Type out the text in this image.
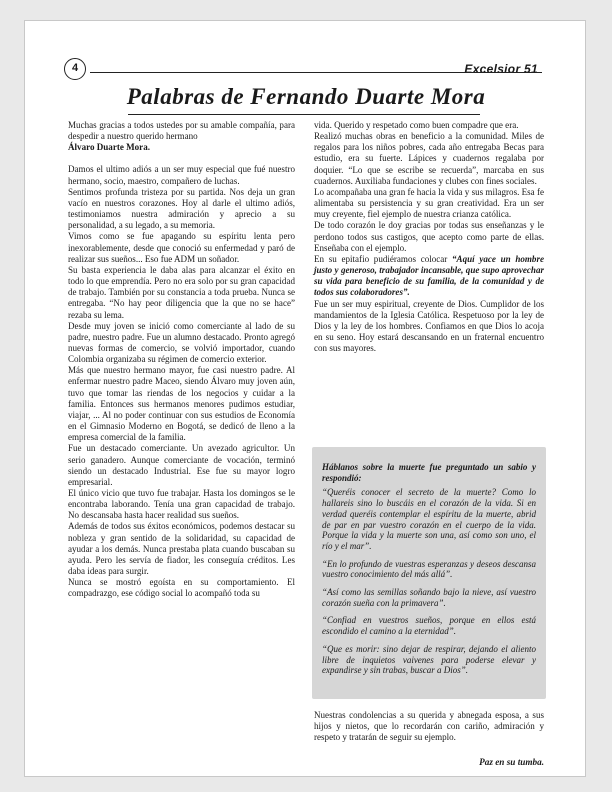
4	Excelsior 51
Palabras de Fernando Duarte Mora

Muchas gracias a todos ustedes por su amable compañía, para despedir a nuestro querido hermano

Álvaro Duarte Mora.

Damos el ultimo adiós a un ser muy especial que fué nuestro hermano, socio, maestro, compañero de luchas.

Sentimos profunda tristeza por su partida. Nos deja un gran vacío en nuestros corazones. Hoy al darle el ultimo adiós, testimoniamos nuestra admiración y aprecio a su personalidad, a su legado, a su memoria.

Vimos como se fue apagando su espíritu lenta pero inexorablemente, desde que conoció su enfermedad y paró de realizar sus sueños... Eso fue ADM un soñador.

Su basta experiencia le daba alas para alcanzar el éxito en todo lo que emprendía. Pero no era solo por su gran capacidad de trabajo. También por su constancia a toda prueba. Nunca se entregaba. “No hay peor diligencia que la que no se hace” rezaba su lema.

Desde muy joven se inició como comerciante al lado de su padre, nuestro padre. Fue un alumno destacado. Pronto agregó nuevas formas de comercio, se volvió importador, cuando Colombia organizaba su régimen de comercio exterior.

Más que nuestro hermano mayor, fue casi nuestro padre. Al enfermar nuestro padre Maceo, siendo Álvaro muy joven aún, tuvo que tomar las riendas de los negocios y cuidar a la familia. Entonces sus hermanos menores pudimos estudiar, viajar, ... Al no poder continuar con sus estudios de Economía en el Gimnasio Moderno en Bogotá, se dedicó de lleno a la empresa comercial de la familia.

Fue un destacado comerciante. Un avezado agricultor. Un serio ganadero. Aunque comerciante de vocación, terminó siendo un destacado Industrial. Ese fue su mayor logro empresarial.

El único vicio que tuvo fue trabajar. Hasta los domingos se le encontraba laborando. Tenía una gran capacidad de trabajo. No descansaba hasta hacer realidad sus sueños.

Además de todos sus éxitos económicos, podemos destacar su nobleza y gran sentido de la solidaridad, su capacidad de ayudar a los demás. Nunca prestaba plata cuando buscaban su ayuda. Pero les servía de fiador, les conseguía créditos. Les daba ideas para surgir.

Nunca se mostró egoísta en su comportamiento. El compadrazgo, ese código social lo acompañó toda su

vida. Querido y respetado como buen compadre que era.

Realizó muchas obras en beneficio a la comunidad. Miles de regalos para los niños pobres, cada año entregaba Becas para estudio, era su fuerte. Lápices y cuadernos regalaba por doquier. “Lo que se escribe se recuerda”, marcaba en sus cuadernos. Auxiliaba fundaciones y clubes con fines sociales.

Lo acompañaba una gran fe hacia la vida y sus milagros. Esa fe alimentaba su persistencia y su gran creatividad. Era un ser muy creyente, fiel ejemplo de nuestra crianza católica.

De todo corazón le doy gracias por todas sus enseñanzas y le perdono todos sus castigos, que acepto como parte de ellas. Enseñaba con el ejemplo.

En su epitafio pudiéramos colocar “Aquí yace un hombre justo y generoso, trabajador incansable, que supo aprovechar su vida para beneficio de su familia, de la comunidad y de todos sus colaboradores”.

Fue un ser muy espiritual, creyente de Dios. Cumplidor de los mandamientos de la Iglesia Católica. Respetuoso por la ley de Dios y la ley de los hombres. Confiamos en que Dios lo acoja en su seno. Hoy estará descansando en un fraternal encuentro con sus mayores.

Háblanos sobre la muerte fue preguntado un sabio y respondió:

“Queréis conocer el secreto de la muerte? Como lo hallareis sino lo buscáis en el corazón de la vida. Si en verdad queréis contemplar el espíritu de la muerte, abrid de par en par vuestro corazón en el cuerpo de la vida. Porque la vida y la muerte son una, así como son uno, el río y el mar”.

“En lo profundo de vuestras esperanzas y deseos descansa vuestro conocimiento del más allá”.

“Así como las semillas soñando bajo la nieve, así vuestro corazón sueña con la primavera”.

“Confiad en vuestros sueños, porque en ellos está escondido el camino a la eternidad”.

“Que es morir: sino dejar de respirar, dejando el aliento libre de inquietos vaivenes para poderse elevar y expandirse y sin trabas, buscar a Dios”.

Nuestras condolencias a su querida y abnegada esposa, a sus hijos y nietos, que lo recordarán con cariño, admiración y respeto y tratarán de seguir su ejemplo.
Paz en su tumba.
